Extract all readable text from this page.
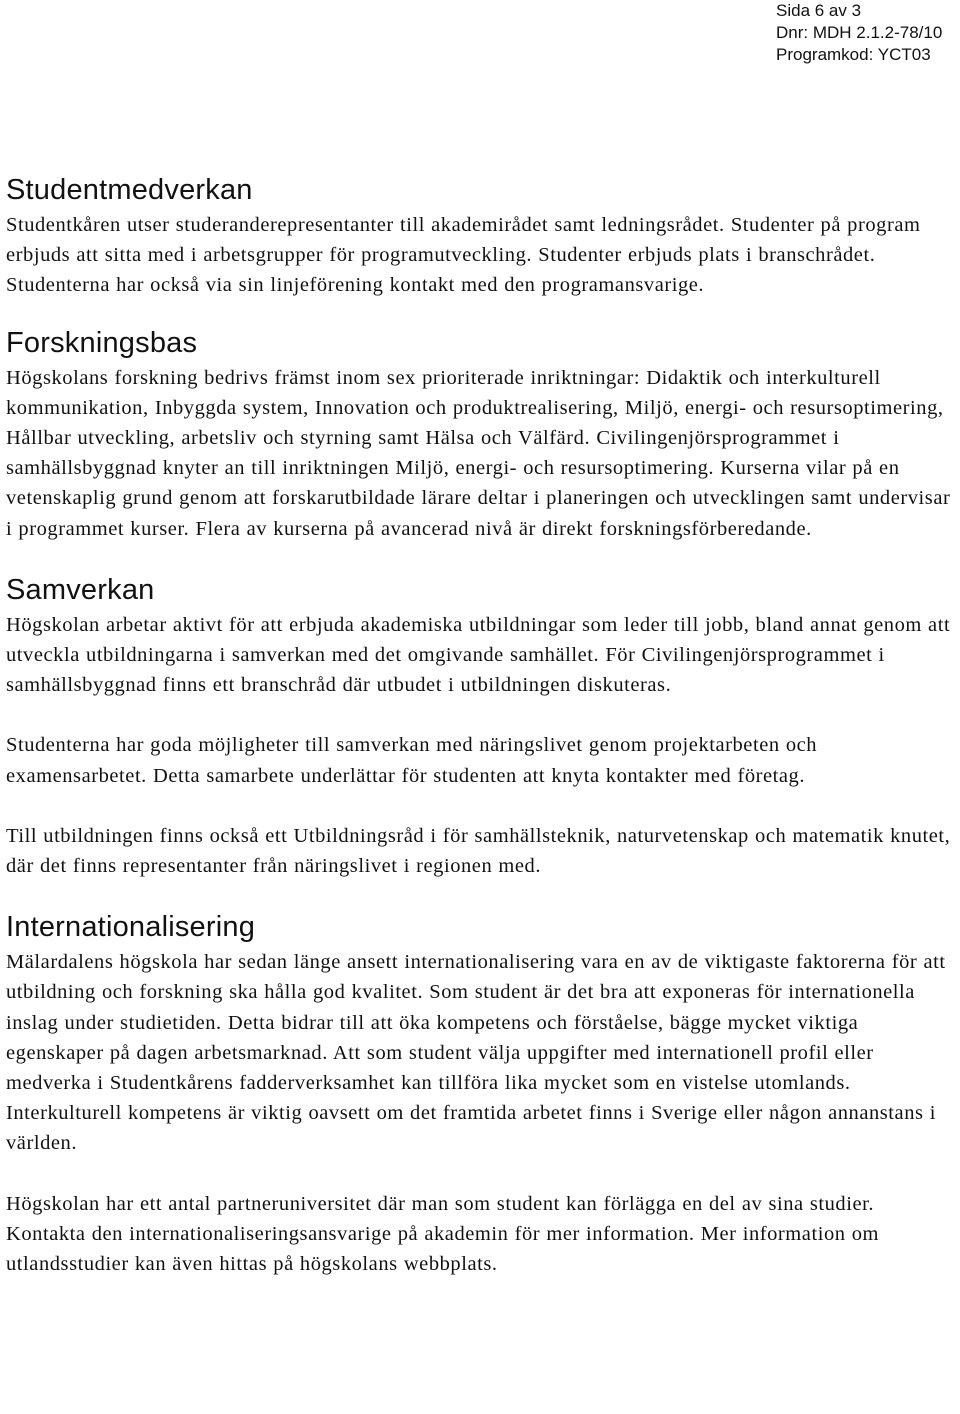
Sida 6 av 3
Dnr: MDH 2.1.2-78/10
Programkod: YCT03
Studentmedverkan

Studentkåren utser studeranderepresentanter till akademirådet samt ledningsrådet. Studenter på program erbjuds att sitta med i arbetsgrupper för programutveckling. Studenter erbjuds plats i branschrådet. Studenterna har också via sin linjeförening kontakt med den programansvarige.

Forskningsbas

Högskolans forskning bedrivs främst inom sex prioriterade inriktningar: Didaktik och interkulturell kommunikation, Inbyggda system, Innovation och produktrealisering, Miljö, energi- och resursoptimering, Hållbar utveckling, arbetsliv och styrning samt Hälsa och Välfärd. Civilingenjörsprogrammet i samhällsbyggnad knyter an till inriktningen Miljö, energi- och resursoptimering. Kurserna vilar på en vetenskaplig grund genom att forskarutbildade lärare deltar i planeringen och utvecklingen samt undervisar i programmet kurser. Flera av kurserna på avancerad nivå är direkt forskningsförberedande.

Samverkan

Högskolan arbetar aktivt för att erbjuda akademiska utbildningar som leder till jobb, bland annat genom att utveckla utbildningarna i samverkan med det omgivande samhället. För Civilingenjörsprogrammet i samhällsbyggnad finns ett branschråd där utbudet i utbildningen diskuteras.

Studenterna har goda möjligheter till samverkan med näringslivet genom projektarbeten och examensarbetet. Detta samarbete underlättar för studenten att knyta kontakter med företag.

Till utbildningen finns också ett Utbildningsråd i för samhällsteknik, naturvetenskap och matematik knutet, där det finns representanter från näringslivet i regionen med.

Internationalisering

Mälardalens högskola har sedan länge ansett internationalisering vara en av de viktigaste faktorerna för att utbildning och forskning ska hålla god kvalitet. Som student är det bra att exponeras för internationella inslag under studietiden. Detta bidrar till att öka kompetens och förståelse, bägge mycket viktiga egenskaper på dagen arbetsmarknad. Att som student välja uppgifter med internationell profil eller medverka i Studentkårens fadderverksamhet kan tillföra lika mycket som en vistelse utomlands. Interkulturell kompetens är viktig oavsett om det framtida arbetet finns i Sverige eller någon annanstans i världen.

Högskolan har ett antal partneruniversitet där man som student kan förlägga en del av sina studier. Kontakta den internationaliseringsansvarige på akademin för mer information. Mer information om utlandsstudier kan även hittas på högskolans webbplats.
